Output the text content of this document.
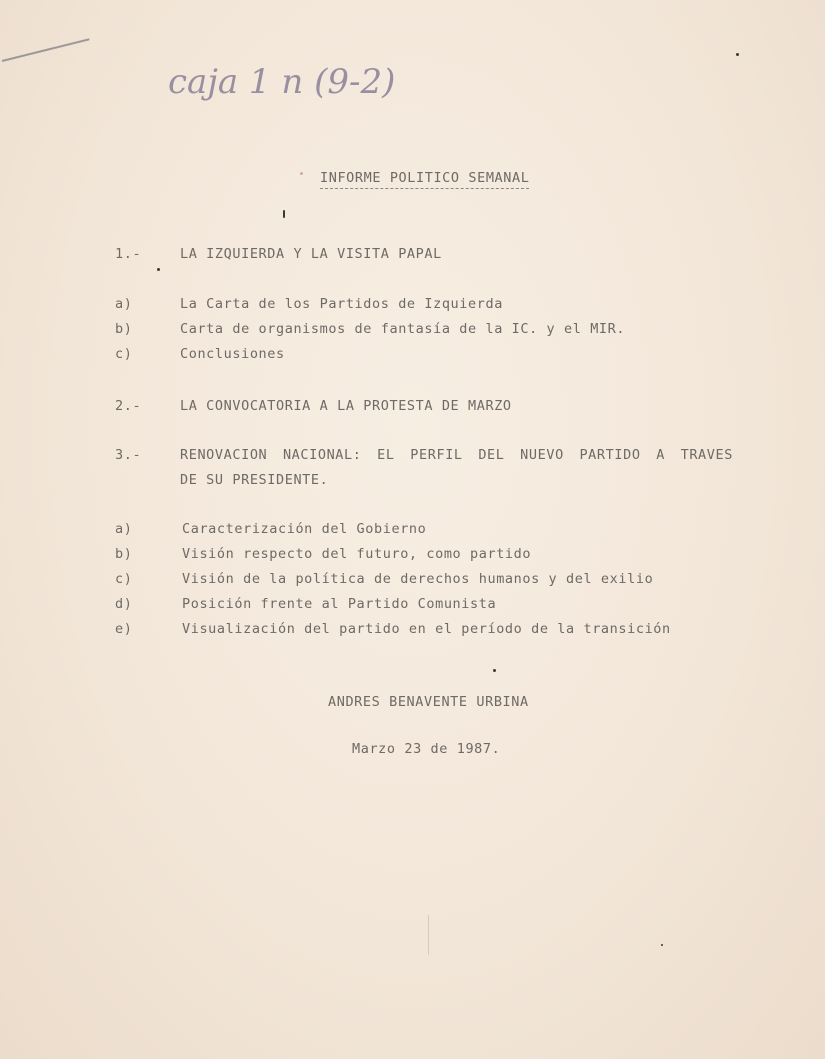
caja 1 n (9-2)
INFORME POLITICO SEMANAL
1.-	LA IZQUIERDA Y LA VISITA PAPAL
a)	La Carta de los Partidos de Izquierda
b)	Carta de organismos de fantasía de la IC. y el MIR.
c)	Conclusiones
2.-	LA CONVOCATORIA A LA PROTESTA DE MARZO
3.-	RENOVACION NACIONAL: EL PERFIL DEL NUEVO PARTIDO A TRAVES
DE SU PRESIDENTE.
a)	Caracterización del Gobierno
b)	Visión respecto del futuro, como partido
c)	Visión de la política de derechos humanos y del exilio
d)	Posición frente al Partido Comunista
e)	Visualización del partido en el período de la transición
ANDRES BENAVENTE URBINA
Marzo 23 de 1987.
